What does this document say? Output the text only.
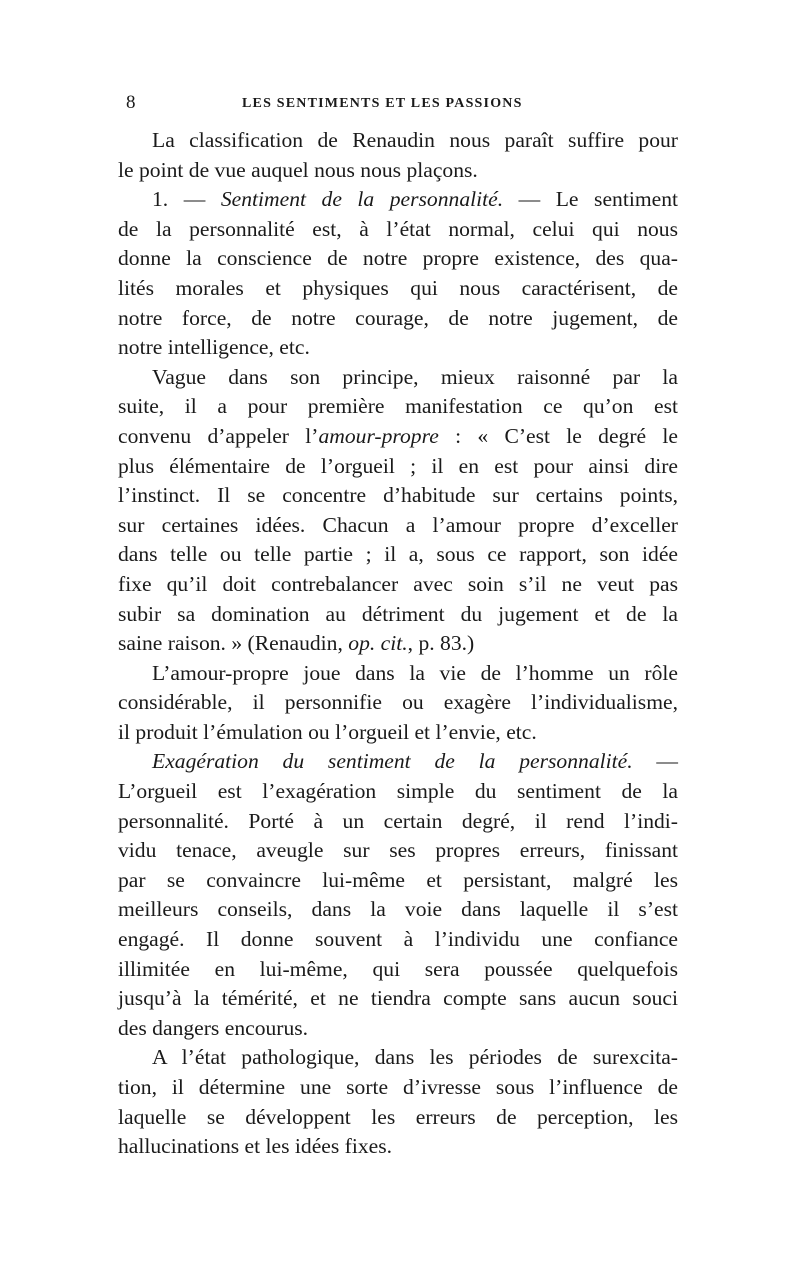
8	LES SENTIMENTS ET LES PASSIONS
La classification de Renaudin nous paraît suffire pour
le point de vue auquel nous nous plaçons.
1. — Sentiment de la personnalité. — Le sentiment
de la personnalité est, à l’état normal, celui qui nous
donne la conscience de notre propre existence, des qua-
lités morales et physiques qui nous caractérisent, de
notre force, de notre courage, de notre jugement, de
notre intelligence, etc.
Vague dans son principe, mieux raisonné par la
suite, il a pour première manifestation ce qu’on est
convenu d’appeler l’amour-propre : « C’est le degré le
plus élémentaire de l’orgueil ; il en est pour ainsi dire
l’instinct. Il se concentre d’habitude sur certains points,
sur certaines idées. Chacun a l’amour propre d’exceller
dans telle ou telle partie ; il a, sous ce rapport, son idée
fixe qu’il doit contrebalancer avec soin s’il ne veut pas
subir sa domination au détriment du jugement et de la
saine raison. » (Renaudin, op. cit., p. 83.)
L’amour-propre joue dans la vie de l’homme un rôle
considérable, il personnifie ou exagère l’individualisme,
il produit l’émulation ou l’orgueil et l’envie, etc.
Exagération du sentiment de la personnalité. —
L’orgueil est l’exagération simple du sentiment de la
personnalité. Porté à un certain degré, il rend l’indi-
vidu tenace, aveugle sur ses propres erreurs, finissant
par se convaincre lui-même et persistant, malgré les
meilleurs conseils, dans la voie dans laquelle il s’est
engagé. Il donne souvent à l’individu une confiance
illimitée en lui-même, qui sera poussée quelquefois
jusqu’à la témérité, et ne tiendra compte sans aucun souci
des dangers encourus.
A l’état pathologique, dans les périodes de surexcita-
tion, il détermine une sorte d’ivresse sous l’influence de
laquelle se développent les erreurs de perception, les
hallucinations et les idées fixes.
